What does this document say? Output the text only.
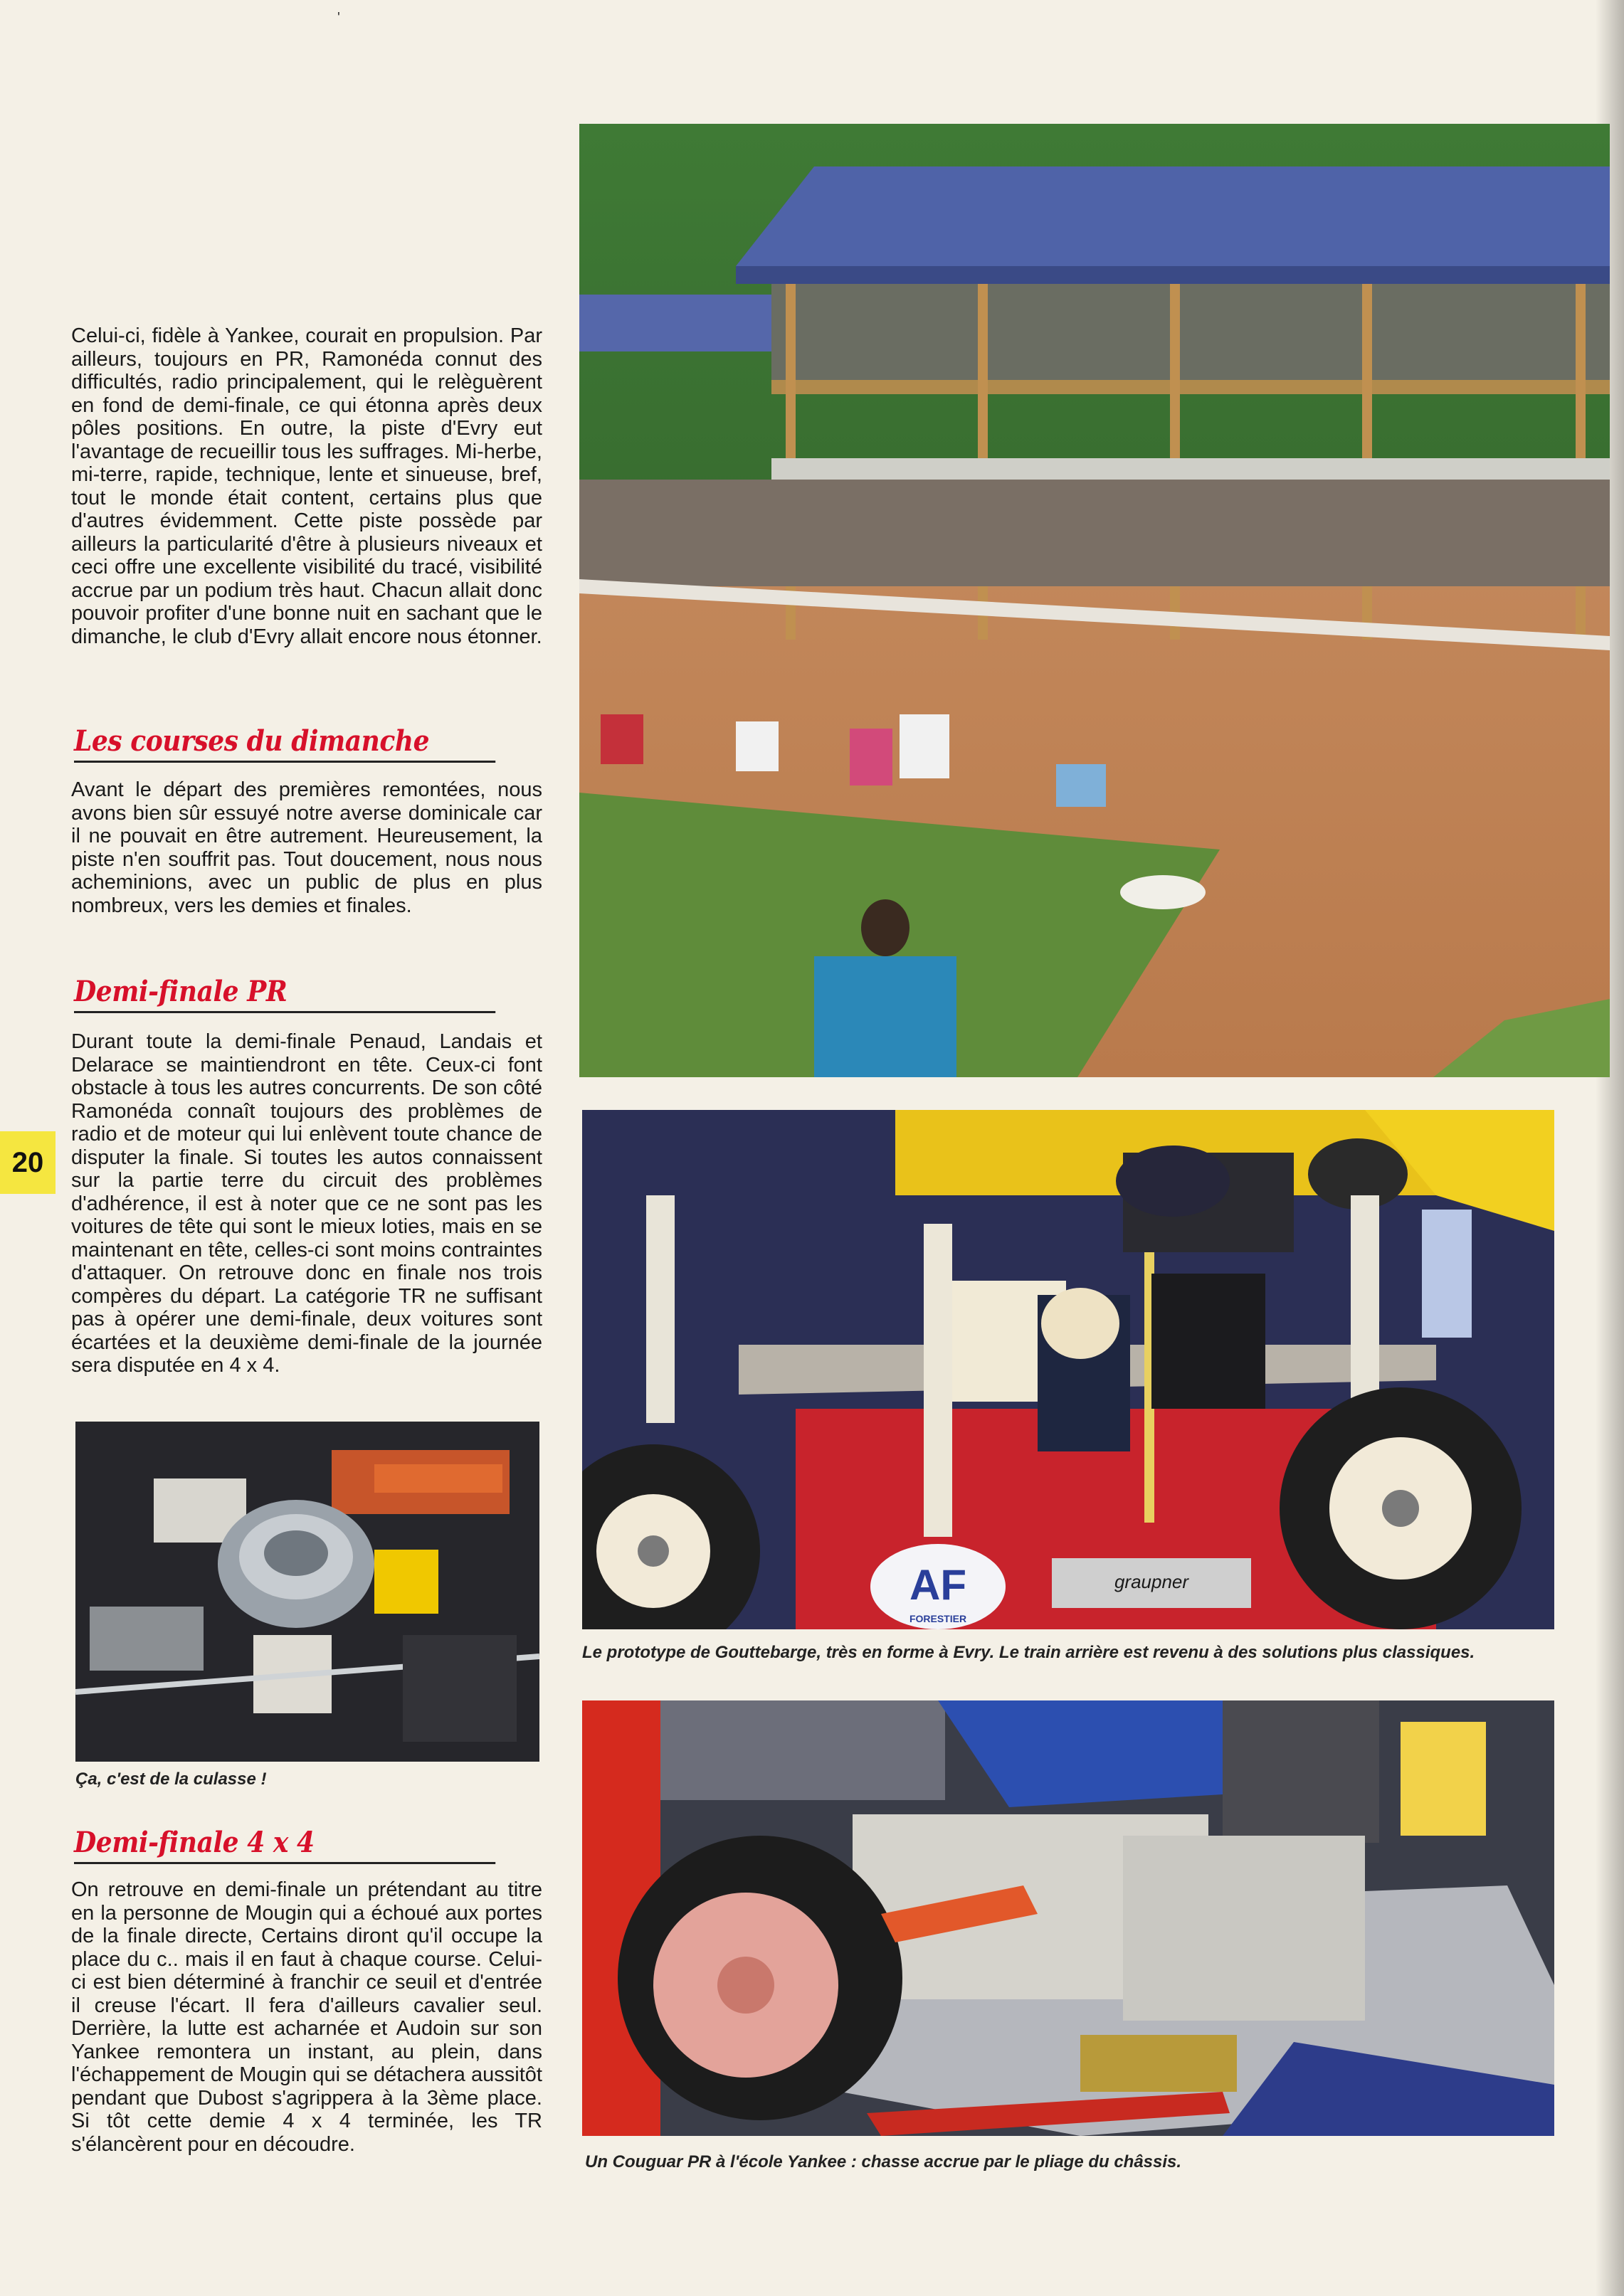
'

Celui-ci, fidèle à Yankee, courait en propulsion. Par ailleurs, toujours en PR, Ramonéda connut des difficultés, radio principalement, qui le relèguèrent en fond de demi-finale, ce qui étonna après deux pôles positions. En outre, la piste d'Evry eut l'avantage de recueillir tous les suffrages. Mi-herbe, mi-terre, rapide, technique, lente et sinueuse, bref, tout le monde était content, certains plus que d'autres évidemment. Cette piste possède par ailleurs la particularité d'être à plusieurs niveaux et ceci offre une excellente visibilité du tracé, visibilité accrue par un podium très haut. Chacun allait donc pouvoir profiter d'une bonne nuit en sachant que le dimanche, le club d'Evry allait encore nous étonner.

Les courses du dimanche

Avant le départ des premières remontées, nous avons bien sûr essuyé notre averse dominicale car il ne pouvait en être autrement. Heureusement, la piste n'en souffrit pas. Tout doucement, nous nous acheminions, avec un public de plus en plus nombreux, vers les demies et finales.

Demi-finale PR

Durant toute la demi-finale Penaud, Landais et Delarace se maintiendront en tête. Ceux-ci font obstacle à tous les autres concurrents. De son côté Ramonéda connaît toujours des problèmes de radio et de moteur qui lui enlèvent toute chance de disputer la finale. Si toutes les autos connaissent sur la partie terre du circuit des problèmes d'adhérence, il est à noter que ce ne sont pas les voitures de tête qui sont le mieux loties, mais en se maintenant en tête, celles-ci sont moins contraintes d'attaquer. On retrouve donc en finale nos trois compères du départ. La catégorie TR ne suffisant pas à opérer une demi-finale, deux voitures sont écartées et la deuxième demi-finale de la journée sera disputée en 4 x 4.

Ça, c'est de la culasse !

Demi-finale 4 x 4

On retrouve en demi-finale un prétendant au titre en la personne de Mougin qui a échoué aux portes de la finale directe, Certains diront qu'il occupe la place du c.. mais il en faut à chaque course. Celui-ci est bien déterminé à franchir ce seuil et d'entrée il creuse l'écart. Il fera d'ailleurs cavalier seul. Derrière, la lutte est acharnée et Audoin sur son Yankee remontera un instant, au plein, dans l'échappement de Mougin qui se détachera aussitôt pendant que Dubost s'agrippera à la 3ème place. Si tôt cette demie 4 x 4 terminée, les TR s'élancèrent pour en découdre.

20
AF
FORESTIER
graupner

Le prototype de Gouttebarge, très en forme à Evry. Le train arrière est revenu à des solutions plus classiques.

Un Couguar PR à l'école Yankee : chasse accrue par le pliage du châssis.
